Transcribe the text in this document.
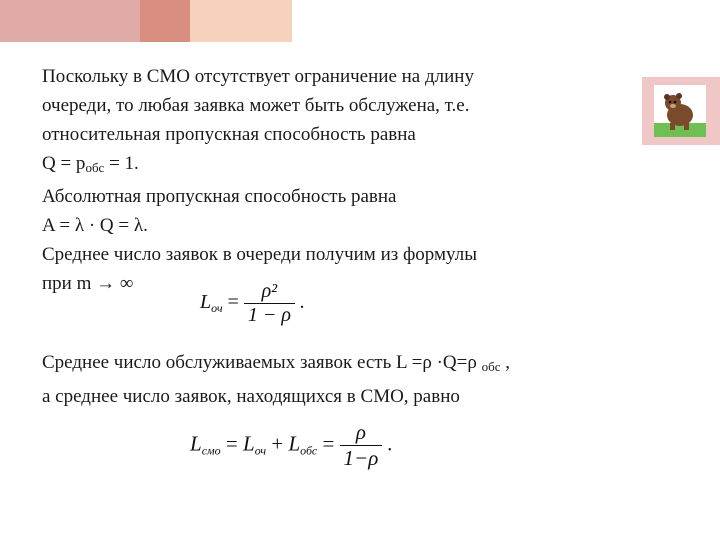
Поскольку в СМО отсутствует ограничение на длину
очереди, то любая заявка может быть обслужена, т.е.
относительная пропускная способность равна
$Q = p_{обс} = 1$.
Абсолютная пропускная способность равна
A = λ · Q = λ.
Среднее число заявок в очереди получим из формулы
при m → ∞
$L_{оч} = \frac{\text{ρ²}}{1 - \rho}$ .
Среднее число обслуживаемых заявок есть L =ρ ·Q=ρ $_{обс}$ ,
а среднее число заявок, находящихся в СМО, равно
Lсмо = Lоч + Lобс = $\frac{\rho}{1-\rho}$ .
